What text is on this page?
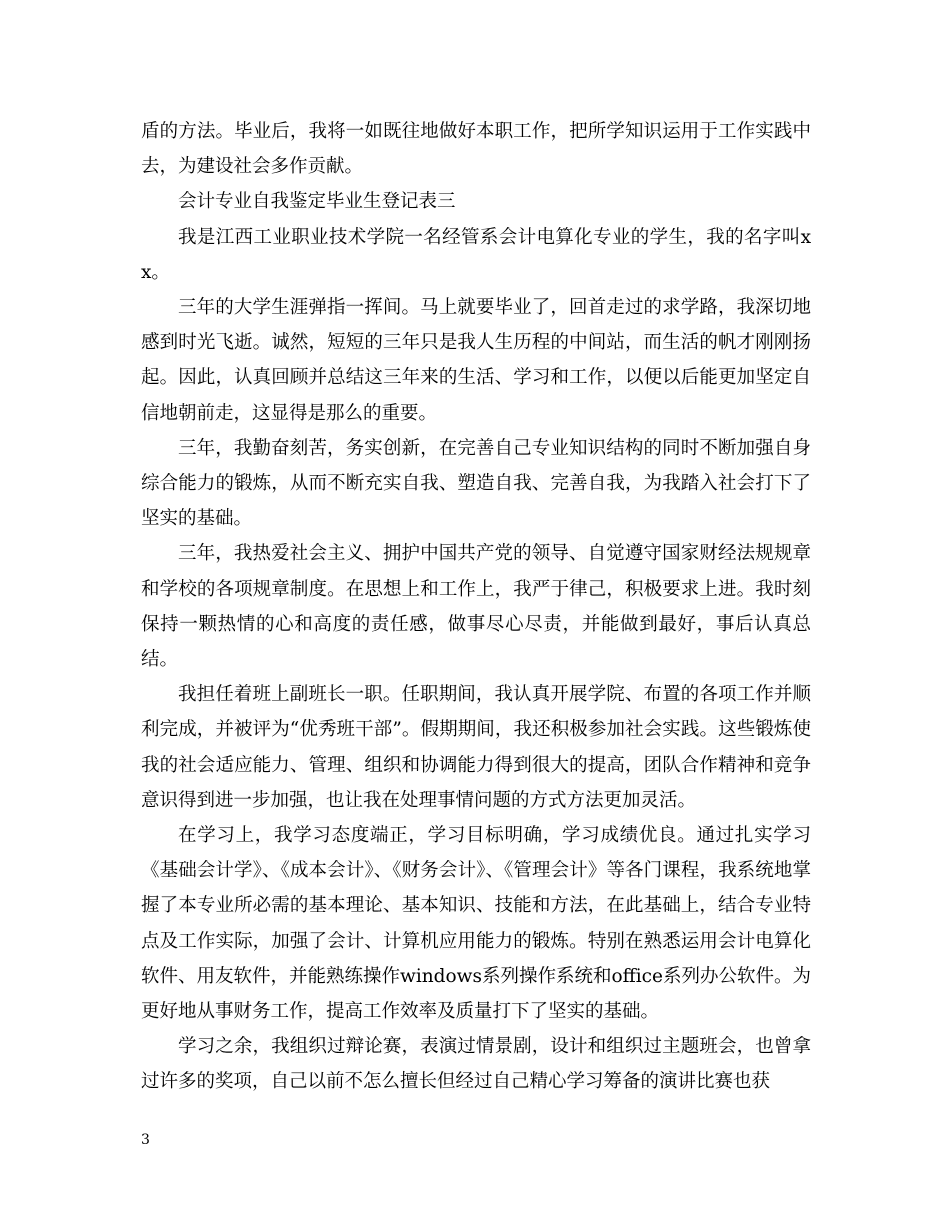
盾的方法。毕业后，我将一如既往地做好本职工作，把所学知识运用于工作实践中去，为建设社会多作贡献。

会计专业自我鉴定毕业生登记表三

我是江西工业职业技术学院一名经管系会计电算化专业的学生，我的名字叫xx。

三年的大学生涯弹指一挥间。马上就要毕业了，回首走过的求学路，我深切地感到时光飞逝。诚然，短短的三年只是我人生历程的中间站，而生活的帆才刚刚扬起。因此，认真回顾并总结这三年来的生活、学习和工作，以便以后能更加坚定自信地朝前走，这显得是那么的重要。

三年，我勤奋刻苦，务实创新，在完善自己专业知识结构的同时不断加强自身综合能力的锻炼，从而不断充实自我、塑造自我、完善自我，为我踏入社会打下了坚实的基础。

三年，我热爱社会主义、拥护中国共产党的领导、自觉遵守国家财经法规规章和学校的各项规章制度。在思想上和工作上，我严于律己，积极要求上进。我时刻保持一颗热情的心和高度的责任感，做事尽心尽责，并能做到最好，事后认真总结。

我担任着班上副班长一职。任职期间，我认真开展学院、布置的各项工作并顺利完成，并被评为“优秀班干部”。假期期间，我还积极参加社会实践。这些锻炼使我的社会适应能力、管理、组织和协调能力得到很大的提高，团队合作精神和竞争意识得到进一步加强，也让我在处理事情问题的方式方法更加灵活。

在学习上，我学习态度端正，学习目标明确，学习成绩优良。通过扎实学习《基础会计学》、《成本会计》、《财务会计》、《管理会计》等各门课程，我系统地掌握了本专业所必需的基本理论、基本知识、技能和方法，在此基础上，结合专业特点及工作实际，加强了会计、计算机应用能力的锻炼。特别在熟悉运用会计电算化软件、用友软件，并能熟练操作windows系列操作系统和office系列办公软件。为更好地从事财务工作，提高工作效率及质量打下了坚实的基础。

学习之余，我组织过辩论赛，表演过情景剧，设计和组织过主题班会，也曾拿过许多的奖项，自己以前不怎么擅长但经过自己精心学习筹备的演讲比赛也获

3
